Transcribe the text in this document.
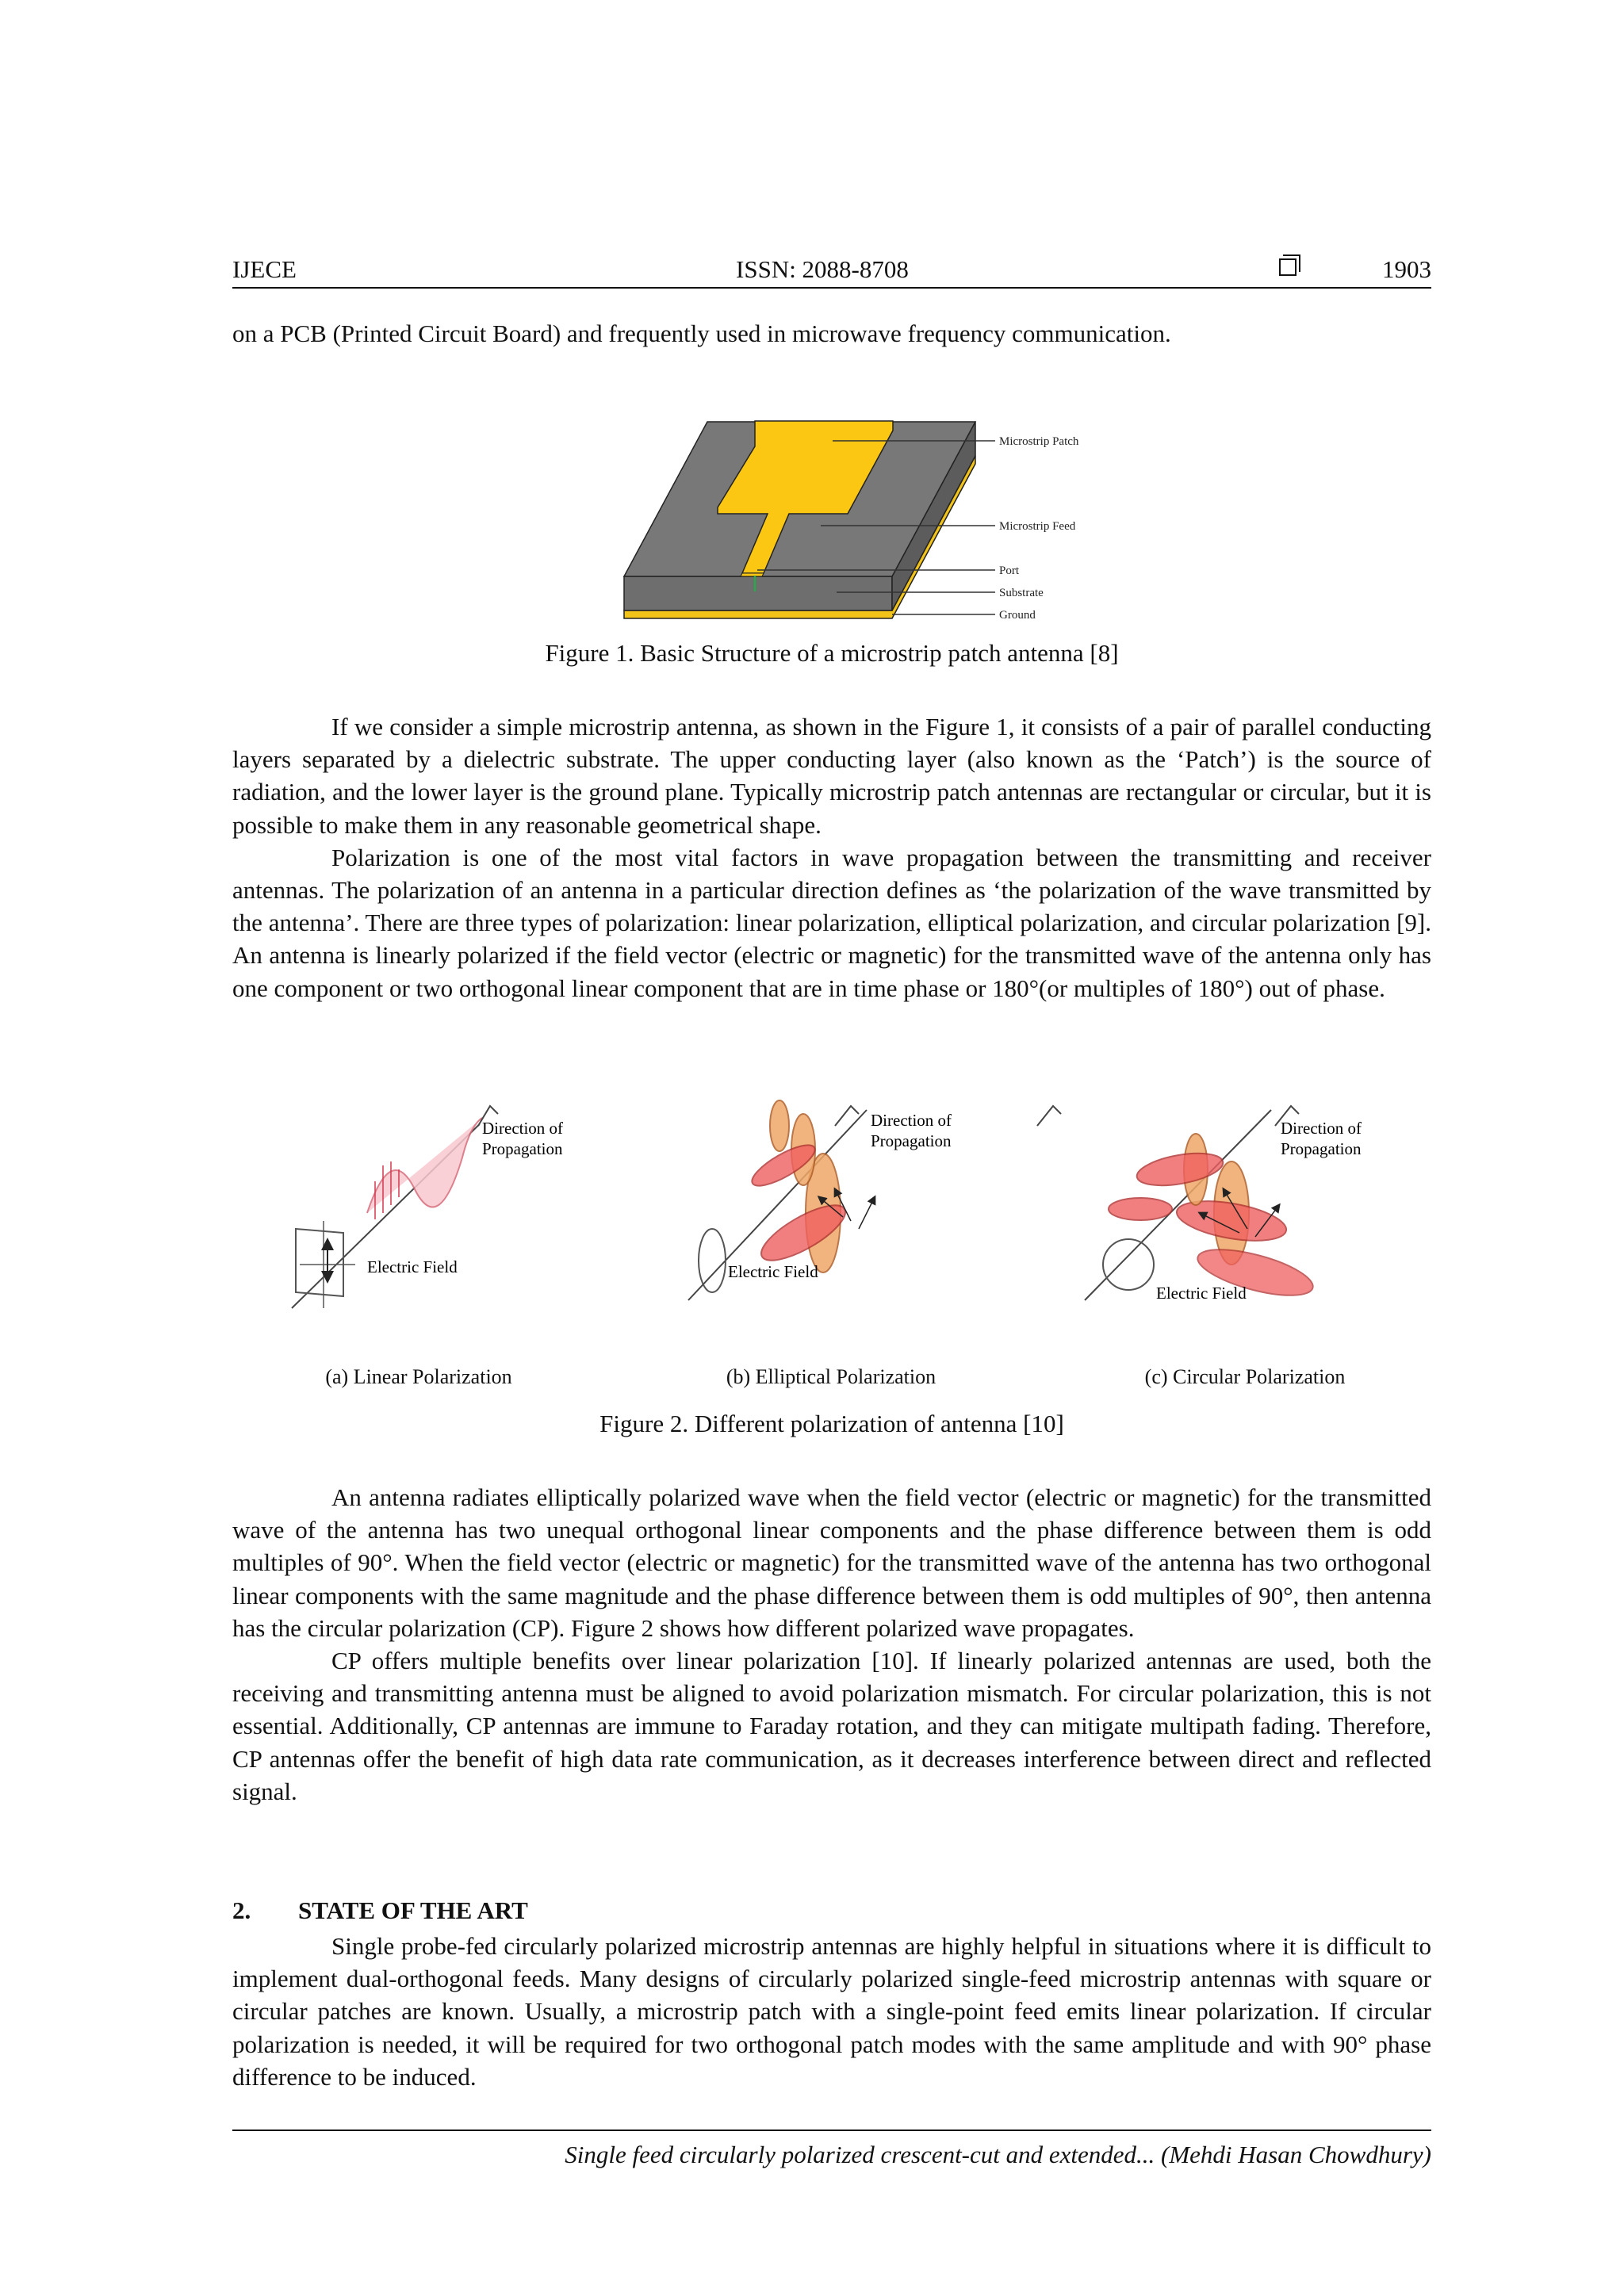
IJECE	ISSN: 2088-8708	1903

on a PCB (Printed Circuit Board) and frequently used in microwave frequency communication.

Microstrip Patch
Microstrip Feed
Port
Substrate
Ground
Figure 1. Basic Structure of a microstrip patch antenna [8]

If we consider a simple microstrip antenna, as shown in the Figure 1, it consists of a pair of parallel conducting layers separated by a dielectric substrate. The upper conducting layer (also known as the ‘Patch’) is the source of radiation, and the lower layer is the ground plane. Typically microstrip patch antennas are rectangular or circular, but it is possible to make them in any reasonable geometrical shape.

Polarization is one of the most vital factors in wave propagation between the transmitting and receiver antennas. The polarization of an antenna in a particular direction defines as ‘the polarization of the wave transmitted by the antenna’. There are three types of polarization: linear polarization, elliptical polarization, and circular polarization [9]. An antenna is linearly polarized if the field vector (electric or magnetic) for the transmitted wave of the antenna only has one component or two orthogonal linear component that are in time phase or 180°(or multiples of 180°) out of phase.

Direction of
Propagation
Electric Field
Direction of
Propagation
Electric Field
Direction of
Propagation
Electric Field
(a) Linear Polarization	(b) Elliptical Polarization	(c) Circular Polarization
Figure 2. Different polarization of antenna [10]

An antenna radiates elliptically polarized wave when the field vector (electric or magnetic) for the transmitted wave of the antenna has two unequal orthogonal linear components and the phase difference between them is odd multiples of 90°. When the field vector (electric or magnetic) for the transmitted wave of the antenna has two orthogonal linear components with the same magnitude and the phase difference between them is odd multiples of 90°, then antenna has the circular polarization (CP). Figure 2 shows how different polarized wave propagates.

CP offers multiple benefits over linear polarization [10]. If linearly polarized antennas are used, both the receiving and transmitting antenna must be aligned to avoid polarization mismatch. For circular polarization, this is not essential. Additionally, CP antennas are immune to Faraday rotation, and they can mitigate multipath fading. Therefore, CP antennas offer the benefit of high data rate communication, as it decreases interference between direct and reflected signal.

2. STATE OF THE ART

Single probe-fed circularly polarized microstrip antennas are highly helpful in situations where it is difficult to implement dual-orthogonal feeds. Many designs of circularly polarized single-feed microstrip antennas with square or circular patches are known. Usually, a microstrip patch with a single-point feed emits linear polarization. If circular polarization is needed, it will be required for two orthogonal patch modes with the same amplitude and with 90° phase difference to be induced.

Single feed circularly polarized crescent-cut and extended... (Mehdi Hasan Chowdhury)
